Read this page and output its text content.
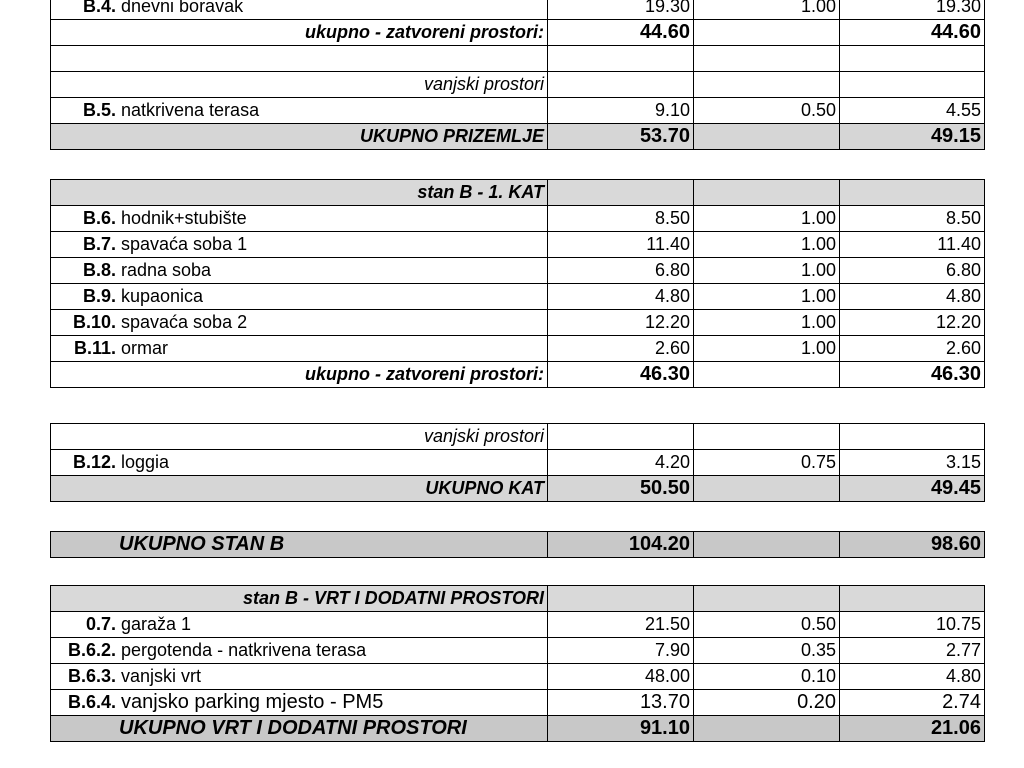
B.4. dnevni boravak	19.30	1.00	19.30
ukupno - zatvoreni prostori:	44.60		44.60

vanjski prostori			
B.5. natkrivena terasa	9.10	0.50	4.55
UKUPNO PRIZEMLJE	53.70		49.15
stan B - 1. KAT			
B.6. hodnik+stubište	8.50	1.00	8.50
B.7. spavaća soba 1	11.40	1.00	11.40
B.8. radna soba	6.80	1.00	6.80
B.9. kupaonica	4.80	1.00	4.80
B.10. spavaća soba 2	12.20	1.00	12.20
B.11. ormar	2.60	1.00	2.60
ukupno - zatvoreni prostori:	46.30		46.30
vanjski prostori			
B.12. loggia	4.20	0.75	3.15
UKUPNO KAT	50.50		49.45
UKUPNO STAN B	104.20		98.60
stan B - VRT I DODATNI PROSTORI			
0.7. garaža 1	21.50	0.50	10.75
B.6.2. pergotenda - natkrivena terasa	7.90	0.35	2.77
B.6.3. vanjski vrt	48.00	0.10	4.80
B.6.4. vanjsko parking mjesto - PM5	13.70	0.20	2.74
UKUPNO VRT I DODATNI PROSTORI	91.10		21.06
